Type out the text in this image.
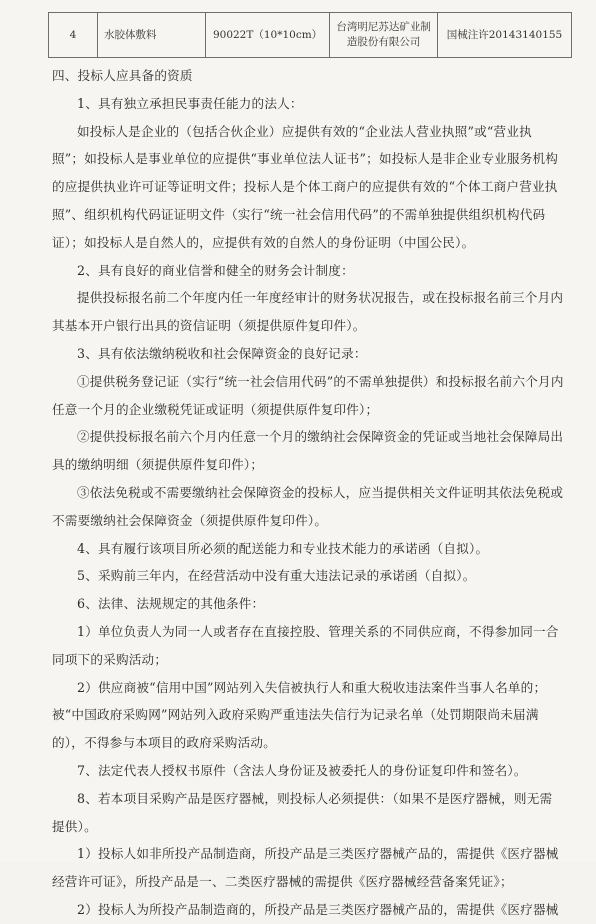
4	水胶体敷料	90022T（10*10cm）	台湾明尼苏达矿业制造股份有限公司	国械注许20143140155

四、投标人应具备的资质

1、具有独立承担民事责任能力的法人：

如投标人是企业的（包括合伙企业）应提供有效的“企业法人营业执照”或“营业执照”；如投标人是事业单位的应提供“事业单位法人证书”；如投标人是非企业专业服务机构的应提供执业许可证等证明文件；投标人是个体工商户的应提供有效的“个体工商户营业执照”、组织机构代码证证明文件（实行“统一社会信用代码”的不需单独提供组织机构代码证）；如投标人是自然人的，应提供有效的自然人的身份证明（中国公民）。

2、具有良好的商业信誉和健全的财务会计制度：

提供投标报名前二个年度内任一年度经审计的财务状况报告，或在投标报名前三个月内其基本开户银行出具的资信证明（须提供原件复印件）。

3、具有依法缴纳税收和社会保障资金的良好记录：

①提供税务登记证（实行“统一社会信用代码”的不需单独提供）和投标报名前六个月内任意一个月的企业缴税凭证或证明（须提供原件复印件）；

②提供投标报名前六个月内任意一个月的缴纳社会保障资金的凭证或当地社会保障局出具的缴纳明细（须提供原件复印件）；

③依法免税或不需要缴纳社会保障资金的投标人，应当提供相关文件证明其依法免税或不需要缴纳社会保障资金（须提供原件复印件）。

4、具有履行该项目所必须的配送能力和专业技术能力的承诺函（自拟）。

5、采购前三年内，在经营活动中没有重大违法记录的承诺函（自拟）。

6、法律、法规规定的其他条件：

1）单位负责人为同一人或者存在直接控股、管理关系的不同供应商，不得参加同一合同项下的采购活动；

2）供应商被“信用中国”网站列入失信被执行人和重大税收违法案件当事人名单的；被“中国政府采购网”网站列入政府采购严重违法失信行为记录名单（处罚期限尚未届满的），不得参与本项目的政府采购活动。

7、法定代表人授权书原件（含法人身份证及被委托人的身份证复印件和签名）。

8、若本项目采购产品是医疗器械，则投标人必须提供：（如果不是医疗器械，则无需提供）。

1）投标人如非所投产品制造商，所投产品是三类医疗器械产品的，需提供《医疗器械经营许可证》，所投产品是一、二类医疗器械的需提供《医疗器械经营备案凭证》；

2）投标人为所投产品制造商的，所投产品是三类医疗器械产品的，需提供《医疗器械
